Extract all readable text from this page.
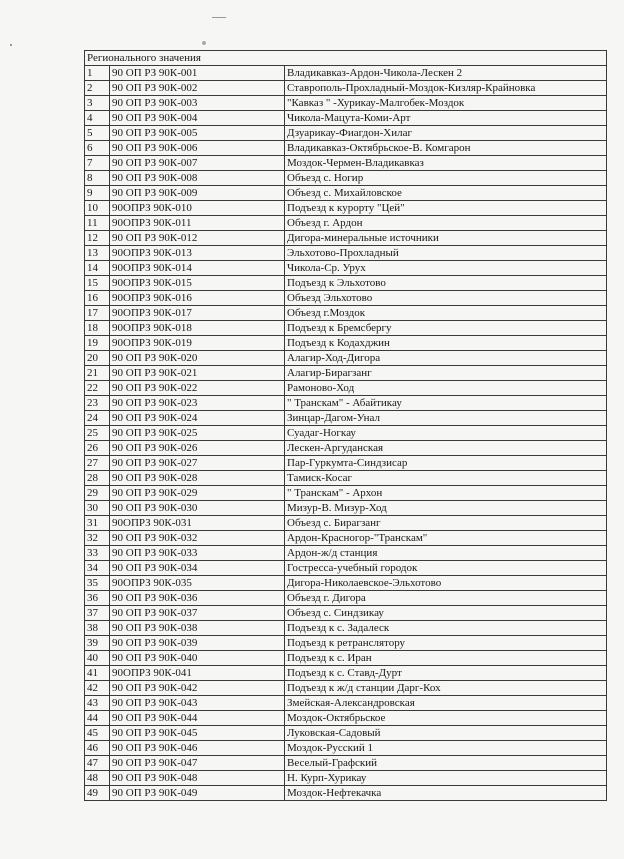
Регионального значения		
1	90 ОП РЗ 90К-001	Владикавказ-Ардон-Чикола-Лескен 2
2	90 ОП РЗ 90К-002	Ставрополь-Прохладный-Моздок-Кизляр-Крайновка
3	90 ОП РЗ 90К-003	"Кавказ " -Хурикау-Малгобек-Моздок
4	90 ОП РЗ 90К-004	Чикола-Мацута-Коми-Арт
5	90 ОП РЗ 90К-005	Дзуарикау-Фиагдон-Хилаг
6	90 ОП РЗ 90К-006	Владикавказ-Октябрьское-В. Комгарон
7	90 ОП РЗ 90К-007	Моздок-Чермен-Владикавказ
8	90 ОП РЗ 90К-008	Объезд с. Ногир
9	90 ОП РЗ 90К-009	Объезд с. Михайловское
10	90ОПРЗ 90К-010	Подъезд к курорту "Цей"
11	90ОПРЗ 90К-011	Объезд г. Ардон
12	90 ОП РЗ 90К-012	Дигора-минеральные источники
13	90ОПРЗ 90К-013	Эльхотово-Прохладный
14	90ОПРЗ 90К-014	Чикола-Ср. Урух
15	90ОПРЗ 90К-015	Подъезд к Эльхотово
16	90ОПРЗ 90К-016	Объезд Эльхотово
17	90ОПРЗ 90К-017	Объезд г.Моздок
18	90ОПРЗ 90К-018	Подъезд к Бремсбергу
19	90ОПРЗ 90К-019	Подъезд к Кодахджин
20	90 ОП РЗ 90К-020	Алагир-Ход-Дигора
21	90 ОП РЗ 90К-021	Алагир-Бирагзанг
22	90 ОП РЗ 90К-022	Рамоново-Ход
23	90 ОП РЗ 90К-023	" Транскам" - Абайтикау
24	90 ОП РЗ 90К-024	Зинцар-Дагом-Унал
25	90 ОП РЗ 90К-025	Суадаг-Ногкау
26	90 ОП РЗ 90К-026	Лескен-Аргуданская
27	90 ОП РЗ 90К-027	Пар-Гуркумта-Синдзисар
28	90 ОП РЗ 90К-028	Тамиск-Косаг
29	90 ОП РЗ 90К-029	" Транскам" - Архон
30	90 ОП РЗ 90К-030	Мизур-В. Мизур-Ход
31	90ОПРЗ 90К-031	Объезд с. Бирагзанг
32	90 ОП РЗ 90К-032	Ардон-Красногор-"Транскам"
33	90 ОП РЗ 90К-033	Ардон-ж/д станция
34	90 ОП РЗ 90К-034	Гостресса-учебный городок
35	90ОПРЗ 90К-035	Дигора-Николаевское-Эльхотово
36	90 ОП РЗ 90К-036	Объезд г. Дигора
37	90 ОП РЗ 90К-037	Объезд с. Синдзикау
38	90 ОП РЗ 90К-038	Подъезд к с. Задалеск
39	90 ОП РЗ 90К-039	Подъезд к ретранслятору
40	90 ОП РЗ 90К-040	Подъезд к с. Иран
41	90ОПРЗ 90К-041	Подъезд к с. Ставд-Дурт
42	90 ОП РЗ 90К-042	Подъезд к ж/д станции Дарг-Кох
43	90 ОП РЗ 90К-043	Змейская-Александровская
44	90 ОП РЗ 90К-044	Моздок-Октябрьское
45	90 ОП РЗ 90К-045	Луковская-Садовый
46	90 ОП РЗ 90К-046	Моздок-Русский 1
47	90 ОП РЗ 90К-047	Веселый-Графский
48	90 ОП РЗ 90К-048	Н. Курп-Хурикау
49	90 ОП РЗ 90К-049	Моздок-Нефтекачка
